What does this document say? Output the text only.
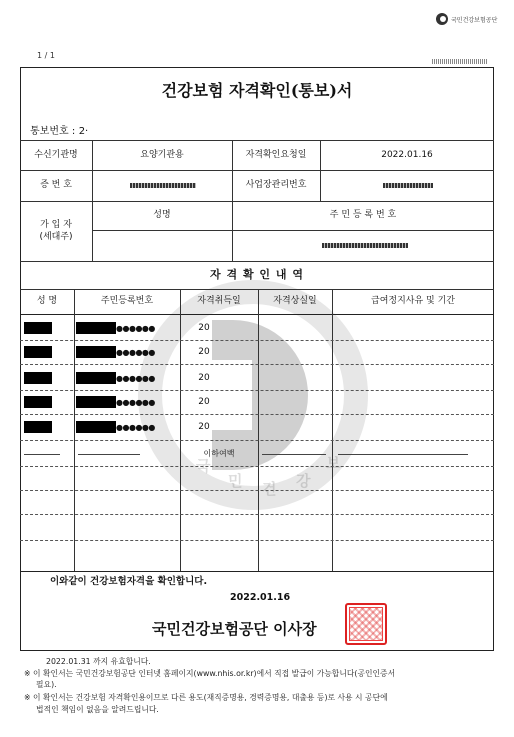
국민건강보험공단
1 / 1
민 건 강
국	보
건강보험 자격확인(통보)서
통보번호 : 2·
수신기관명	요양기관용	자격확인요청일	2022.01.16
증 번 호	사업장관리번호
가 입 자
(세대주)
성명	주 민 등 록 번 호
자 격 확 인 내 역
성 명	주민등록번호	자격취득일	자격상실일	급여정지사유 및 기간
●●●●●●	20
●●●●●●	20
●●●●●●	20
●●●●●●	20
●●●●●●	20
이하여백
이와같이 건강보험자격을 확인합니다.
2022.01.16
국민건강보험공단 이사장
2022.01.31 까지 유효합니다.
※ 이 확인서는 국민건강보험공단 인터넷 홈페이지(www.nhis.or.kr)에서 직접 발급이 가능합니다(공인인증서
필요).
※ 이 확인서는 건강보험 자격확인용이므로 다른 용도(재직증명용, 경력증명용, 대출용 등)로 사용 시 공단에
법적인 책임이 없음을 알려드립니다.
